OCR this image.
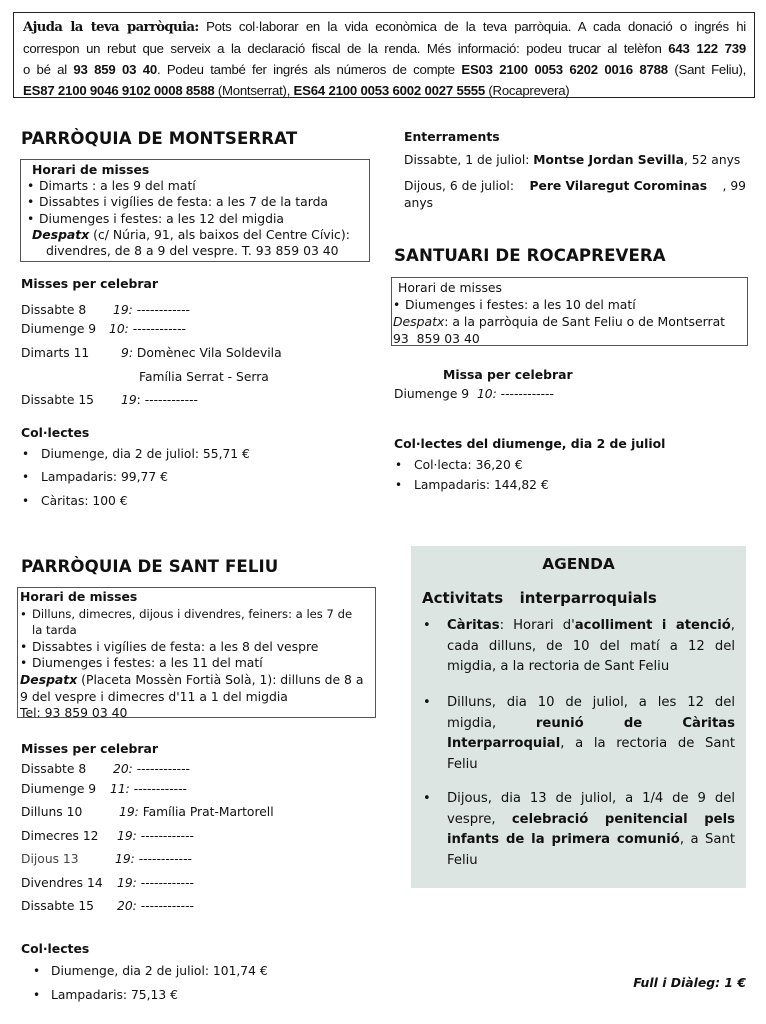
Ajuda la teva parròquia: Pots col·laborar en la vida econòmica de la teva parròquia. A cada donació o ingrés hi
correspon un rebut que serveix a la declaració fiscal de la renda. Més informació: podeu trucar al telèfon 643 122 739
o bé al 93 859 03 40. Podeu també fer ingrés als números de compte ES03 2100 0053 6202 0016 8788 (Sant Feliu),
ES87 2100 9046 9102 0008 8588 (Montserrat), ES64 2100 0053 6002 0027 5555 (Rocaprevera)
PARRÒQUIA DE MONTSERRAT
Horari de misses
• Dimarts : a les 9 del matí
• Dissabtes i vigílies de festa: a les 7 de la tarda
• Diumenges i festes: a les 12 del migdia
Despatx (c/ Núria, 91, als baixos del Centre Cívic):
divendres, de 8 a 9 del vespre. T. 93 859 03 40
Misses per celebrar
Dissabte 8 19: ------------
Diumenge 9 10: ------------
Dimarts 11	9: Domènec Vila Soldevila
Família Serrat - Serra
Dissabte 15 19: ------------
Col·lectes
• Diumenge, dia 2 de juliol: 55,71 €
• Lampadaris: 99,77 €
• Càritas: 100 €
Enterraments
Dissabte, 1 de juliol: Montse Jordan Sevilla, 52 anys
Dijous, 6 de juliol: Pere Vilaregut Corominas , 99
anys
SANTUARI DE ROCAPREVERA
Horari de misses
• Diumenges i festes: a les 10 del matí
Despatx: a la parròquia de Sant Feliu o de Montserrat
93  859 03 40
Missa per celebrar
Diumenge 9 10: ------------
Col·lectes del diumenge, dia 2 de juliol
• Col·lecta: 36,20 €
• Lampadaris: 144,82 €
PARRÒQUIA DE SANT FELIU
Horari de misses
• Dilluns, dimecres, dijous i divendres, feiners: a les 7 de
la tarda
• Dissabtes i vigílies de festa: a les 8 del vespre
• Diumenges i festes: a les 11 del matí
Despatx (Placeta Mossèn Fortià Solà, 1): dilluns de 8 a
9 del vespre i dimecres d'11 a 1 del migdia
Tel: 93 859 03 40
Misses per celebrar
Dissabte 8 20: ------------
Diumenge 9 11: ------------
Dilluns 10	19: Família Prat-Martorell
Dimecres 12 19: ------------
Dijous 13	19: ------------
Divendres 14 19: ------------
Dissabte 15 20: ------------
Col·lectes
• Diumenge, dia 2 de juliol: 101,74 €
• Lampadaris: 75,13 €
AGENDA
Activitats  interparroquials
• Càritas: Horari d'acolliment i atenció, cada dilluns, de 10 del matí a 12 del migdia, a la rectoria de Sant Feliu
• Dilluns, dia 10 de juliol, a les 12 del migdia, reunió de Càritas Interparroquial, a la rectoria de Sant Feliu
• Dijous, dia 13 de juliol, a 1/4 de 9 del vespre, celebració penitencial pels infants de la primera comunió, a Sant Feliu
Full i Diàleg: 1 €
